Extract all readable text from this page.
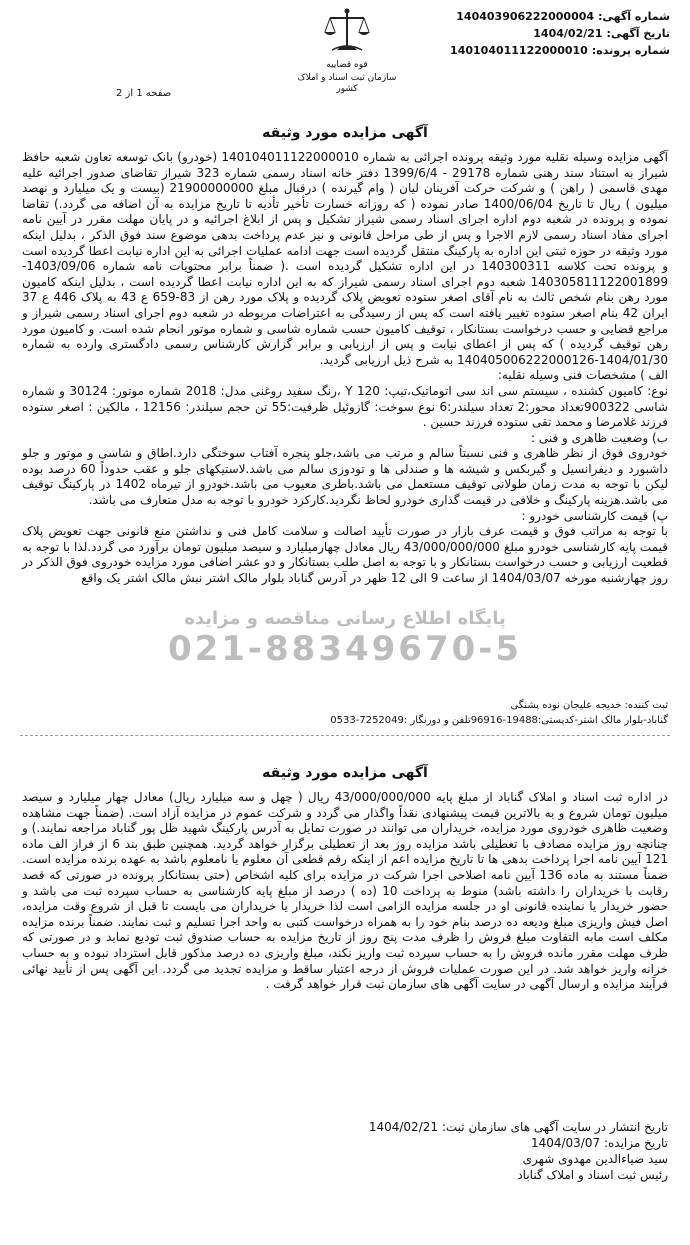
شماره آگهی:140403906222000004
تاریخ آگهی:1404/02/21
شماره پرونده:140104011122000010
قوه قضاییه
سازمان ثبت اسناد و املاک کشور
صفحه 1 از 2
آگهی مزایده مورد وثیقه

آگهی مزایده وسیله نقلیه مورد وثیقه پرونده اجرائی به شماره 140104011122000010 (خودرو) بانک توسعه تعاون شعبه حافظ شیراز به استناد سند رهنی شماره 29178 - 1399/6/4 دفتر خانه اسناد رسمی شماره 323 شیراز تقاضای صدور اجرائیه علیه مهدی قاسمی ( راهن ) و شرکت حرکت آفرینان لیان ( وام گیرنده ) درقبال مبلغ 21900000000 (بیست و یک میلیارد و نهصد میلیون ) ریال تا تاریخ 1400/06/04 صادر نموده ( که روزانه خسارت تأخیر تأدیه تا تاریخ مزایده به آن اضافه می گردد.) تقاضا نموده و پرونده در شعبه دوم اداره اجرای اسناد رسمی شیراز تشکیل و پس از ابلاغ اجرائیه و در پایان مهلت مقرر در آیین نامه اجرای مفاد اسناد رسمی لازم الاجرا و پس از طی مراحل قانونی و نیز عدم پرداخت بدهی موضوع سند فوق الذکر ، بدلیل اینکه مورد وثیقه در حوزه ثبتی این اداره به پارکینگ منتقل گردیده است جهت ادامه عملیات اجرائی به این اداره نیابت اعطا گردیده است و پرونده تحت کلاسه 140300311 در این اداره تشکیل گردیده است .( ضمناً برابر محتویات نامه شماره 1403/09/06-140305811122001899 شعبه دوم اجرای اسناد رسمی شیراز که به این اداره نیابت اعطا گردیده است ، بدلیل اینکه کامیون مورد رهن بنام شخص ثالث به نام آقای اصغر ستوده تعویض پلاک گردیده و پلاک مورد رهن از 83-659 ع 43 به پلاک 446 ع 37 ایران 42 بنام اصغر ستوده تغییر یافته است که پس از رسیدگی به اعتراضات مربوطه در شعبه دوم اجرای اسناد رسمی شیراز و مراجع قضایی و حسب درخواست بستانکار ، توقیف کامیون حسب شماره شاسی و شماره موتور انجام شده است. و کامیون مورد رهن توقیف گردیده ) که پس از اعطای نیابت و پس از ارزیابی و برابر گزارش کارشناس رسمی دادگستری وارده به شماره 1404/01/30-140405006222000126 به شرح ذیل ارزیابی گردید.

الف ) مشخصات فنی وسیله نقلیه:

نوع: کامیون کشنده ، سیستم سی اند سی اتوماتیک،تیپ: Y 120 ،رنگ سفید روغنی مدل: 2018 شماره موتور: 30124 و شماره شاسی 900322تعداد محور:2 تعداد سیلندر:6 نوع سوخت: گازوئیل ظرفیت:55 تن حجم سیلندر: 12156 ، مالکین : اصغر ستوده فرزند غلامرضا و محمد تقی ستوده فرزند حسین .

ب) وضعیت ظاهری و فنی :

خودروی فوق از نظر ظاهری و فنی نسبتاً سالم و مرتب می باشد،جلو پنجره آفتاب سوختگی دارد.اطاق و شاسی و موتور و جلو داشبورد و دیفرانسیل و گیربکس و شیشه ها و صندلی ها و تودوزی سالم می باشد.لاستیکهای جلو و عقب حدوداً 60 درصد بوده لیکن با توجه به مدت زمان طولانی توقیف مستعمل می باشد.باطری معیوب می باشد.خودرو از تیرماه 1402 در پارکینگ توقیف می باشد.هزینه پارکینگ و خلافی در قیمت گذاری خودرو لحاظ نگردید.کارکرد خودرو با توجه به مدل متعارف می باشد.

پ) قیمت کارشناسی خودرو :

با توجه به مراتب فوق و قیمت عرف بازار در صورت تأیید اصالت و سلامت کامل فنی و نداشتن منع قانونی جهت تعویض پلاک قیمت پایه کارشناسی خودرو مبلغ 43/000/000/000 ریال معادل چهارمیلیارد و سیصد میلیون تومان برآورد می گردد.لذا با توجه به قطعیت ارزیابی و حسب درخواست بستانکار و با توجه به اصل طلب بستانکار و دو عشر اضافی مورد مزایده خودروی فوق الذکر در روز چهارشنبه مورخه 1404/03/07 از ساعت 9 الی 12 ظهر در آدرس گناباد بلوار مالک اشتر نبش مالک اشتر یک واقع

پایگاه اطلاع رسانی مناقصه و مزایده
021-88349670-5
ثبت کننده: خدیجه علیجان نوده پشنگی
گناباد-بلوار مالک اشتر-کدپستی:19488-96916تلفن و دورنگار :7252049-0533
آگهی مزایده مورد وثیقه
در اداره ثبت اسناد و املاک گناباد از مبلغ پایه 43/000/000/000 ریال ( چهل و سه میلیارد ریال) معادل چهار میلیارد و سیصد میلیون تومان شروع و به بالاترین قیمت پیشنهادی نقداً واگذار می گردد و شرکت عموم در مزایده آزاد است. (ضمناً جهت مشاهده وضعیت ظاهری خودروی مورد مزایده، خریداران می توانند در صورت تمایل به آدرس پارکینگ شهید ظل پور گناباد مراجعه نمایند.) و چنانچه روز مزایده مصادف با تعطیلی باشد مزایده روز بعد از تعطیلی برگزار خواهد گردید. همچنین طبق بند 6 از فراز الف ماده 121 آیین نامه اجرا پرداخت بدهی ها تا تاریخ مزایده اعم از اینکه رقم قطعی آن معلوم یا نامعلوم باشد به عهده برنده مزایده است. ضمناً مستند به ماده 136 آیین نامه اصلاحی اجرا شرکت در مزایده برای کلیه اشخاص (حتی بستانکار پرونده در صورتی که قصد رقابت با خریداران را داشته باشد) منوط به پرداخت 10 (ده ) درصد از مبلغ پایه کارشناسی به حساب سپرده ثبت می باشد و حضور خریدار یا نماینده قانونی او در جلسه مزایده الزامی است لذا خریدار یا خریداران می بایست تا قبل از شروع وقت مزایده، اصل فیش واریزی مبلغ ودیعه ده درصد بنام خود را به همراه درخواست کتبی به واحد اجرا تسلیم و ثبت نمایند. ضمناً برنده مزایده مکلف است مابه التفاوت مبلغ فروش را ظرف مدت پنج روز از تاریخ مزایده به حساب صندوق ثبت تودیع نماید و در صورتی که ظرف مهلت مقرر مانده فروش را به حساب سپرده ثبت واریز نکند، مبلغ واریزی ده درصد مذکور قابل استرداد نبوده و به حساب خزانه واریز خواهد شد. در این صورت عملیات فروش از درجه اعتبار ساقط و مزایده تجدید می گردد. این آگهی پس از تأیید نهائی فرآیند مزایده و ارسال آگهی در سایت آگهی های سازمان ثبت قرار خواهد گرفت .
تاریخ انتشار در سایت آگهی های سازمان ثبت: 1404/02/21
تاریخ مزایده: 1404/03/07
سید ضیاءالدین مهدوی شهری
رئیس ثبت اسناد و املاک گناباد
